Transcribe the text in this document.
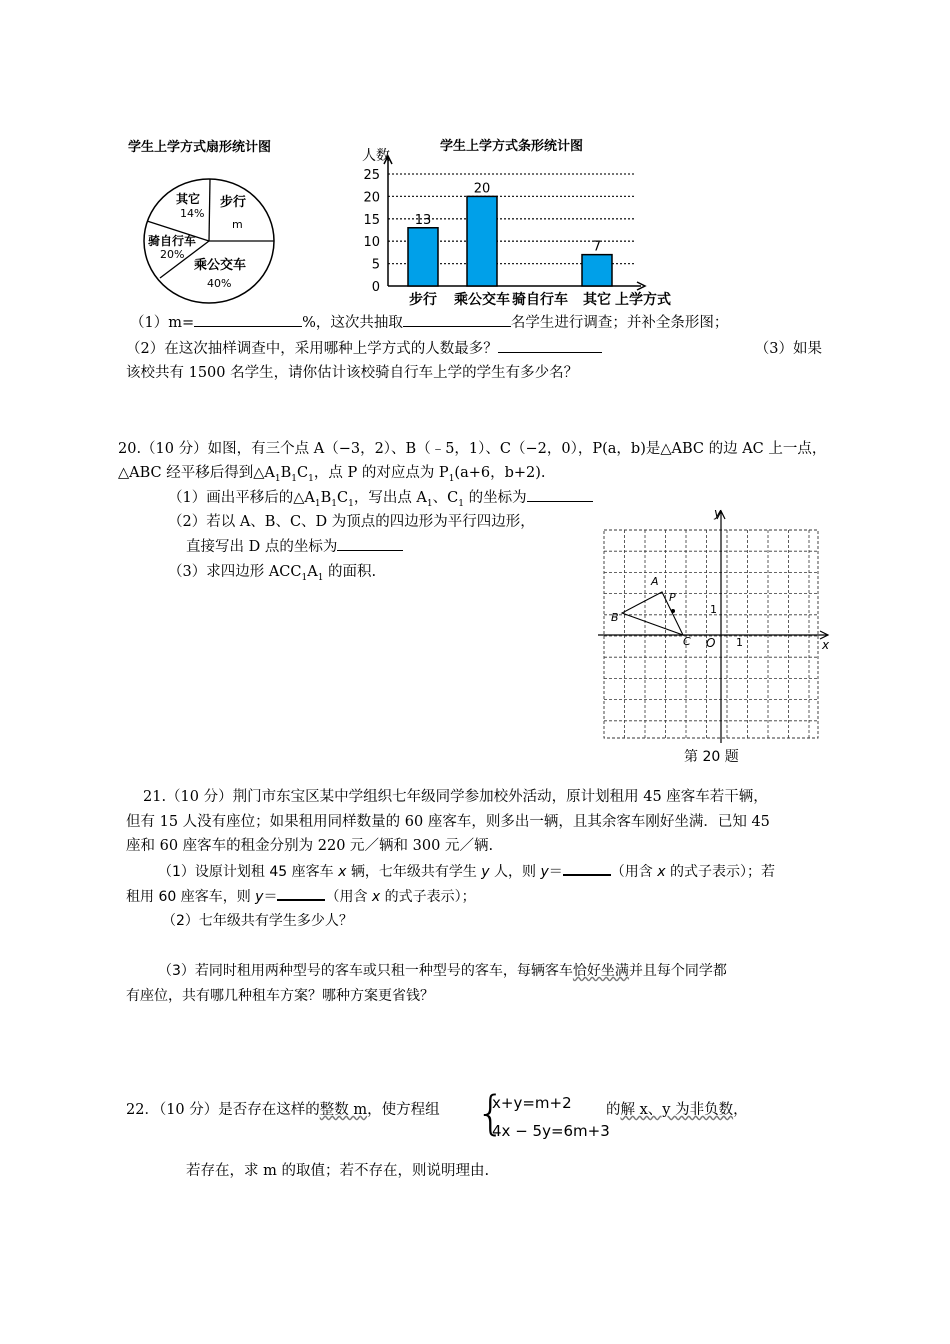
学生上学方式扇形统计图
步行
m
其它
14%
骑自行车
20%
乘公交车
40%
学生上学方式条形统计图
人数
0
5
10
15
20
25
13
步行
20
乘公交车 骑自行车
7
其它 上学方式
（1）m=	%，这次共抽取	名学生进行调查；并补全条形图；
（2）在这次抽样调查中，采用哪种上学方式的人数最多？	（3）如果
该校共有 1500 名学生，请你估计该校骑自行车上学的学生有多少名？
20.（10 分）如图，有三个点 A（−3，2）、B（﹣5，1）、C（−2，0），P(a，b)是△ABC 的边 AC 上一点，
△ABC 经平移后得到$\triangle A_1B_1C_1$，点 P 的对应点为 $P_1(a+6$，b+2).
（1）画出平移后的$\triangle A_1B_1C_1$，写出点 $A_1$、$C_1$ 的坐标为
（2）若以 A、B、C、D 为顶点的四边形为平行四边形，
直接写出 D 点的坐标为
（3）求四边形 $ACC_1A_1$ 的面积.
y
x
O 1
1
A
B
C
P
第 20 题
21.（10 分）荆门市东宝区某中学组织七年级同学参加校外活动，原计划租用 45 座客车若干辆，
但有 15 人没有座位；如果租用同样数量的 60 座客车，则多出一辆，且其余客车刚好坐满．已知 45
座和 60 座客车的租金分别为 220 元／辆和 300 元／辆.
（1）设原计划租 45 座客车 x 辆，七年级共有学生 y 人，则 y＝	（用含 x 的式子表示）；若
租用 60 座客车，则 y＝	（用含 x 的式子表示）；
（2）七年级共有学生多少人？
（3）若同时租用两种型号的客车或只租一种型号的客车，每辆客车恰好坐满并且每个同学都
有座位，共有哪几种租车方案？哪种方案更省钱？
22．（10 分）是否存在这样的整数 m，使方程组 {
x+y=m+2
4x − 5y=6m+3
的解 x、y 为非负数，
若存在，求 m 的取值；若不存在，则说明理由.
